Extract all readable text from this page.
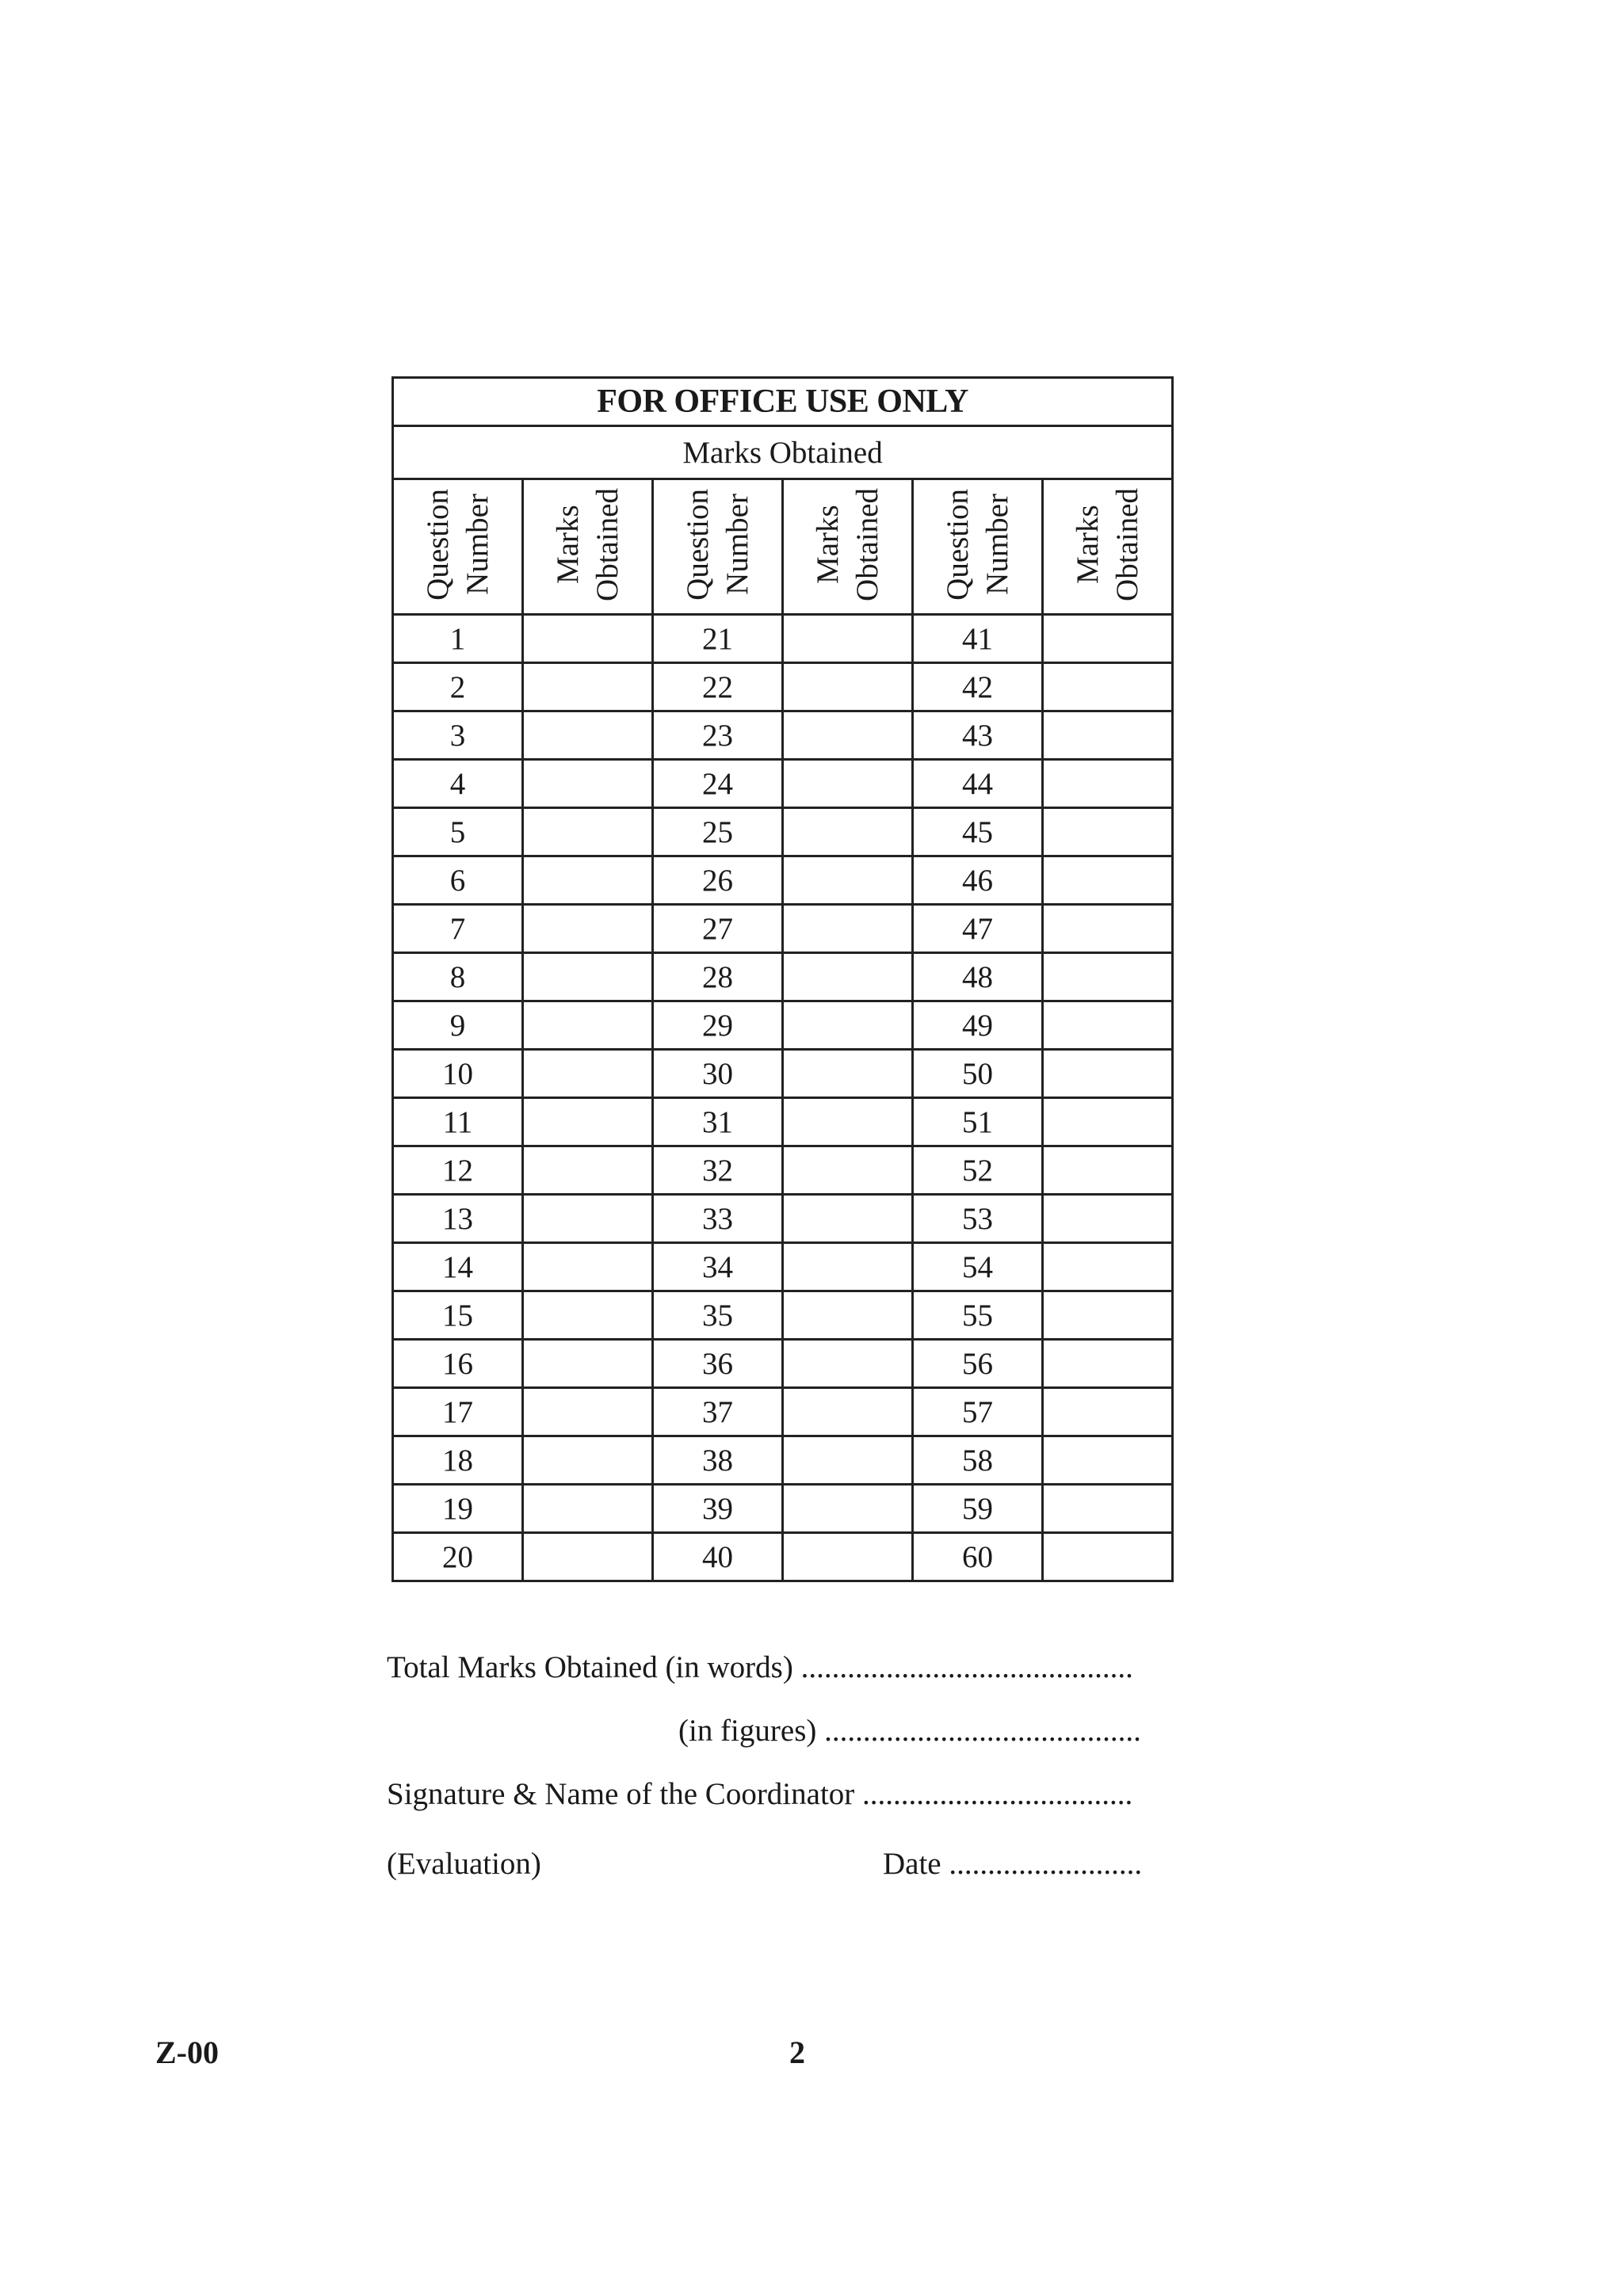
FOR OFFICE USE ONLY					
Marks Obtained					
Question Number	Marks Obtained	Question Number	Marks Obtained	Question Number	Marks Obtained
1		21		41	
2		22		42	
3		23		43	
4		24		44	
5		25		45	
6		26		46	
7		27		47	
8		28		48	
9		29		49	
10		30		50	
11		31		51	
12		32		52	
13		33		53	
14		34		54	
15		35		55	
16		36		56	
17		37		57	
18		38		58	
19		39		59	
20		40		60	
Total Marks Obtained (in words) ...........................................
(in figures) .........................................
Signature & Name of the Coordinator ...................................
(Evaluation)	Date .........................
Z-00	2
